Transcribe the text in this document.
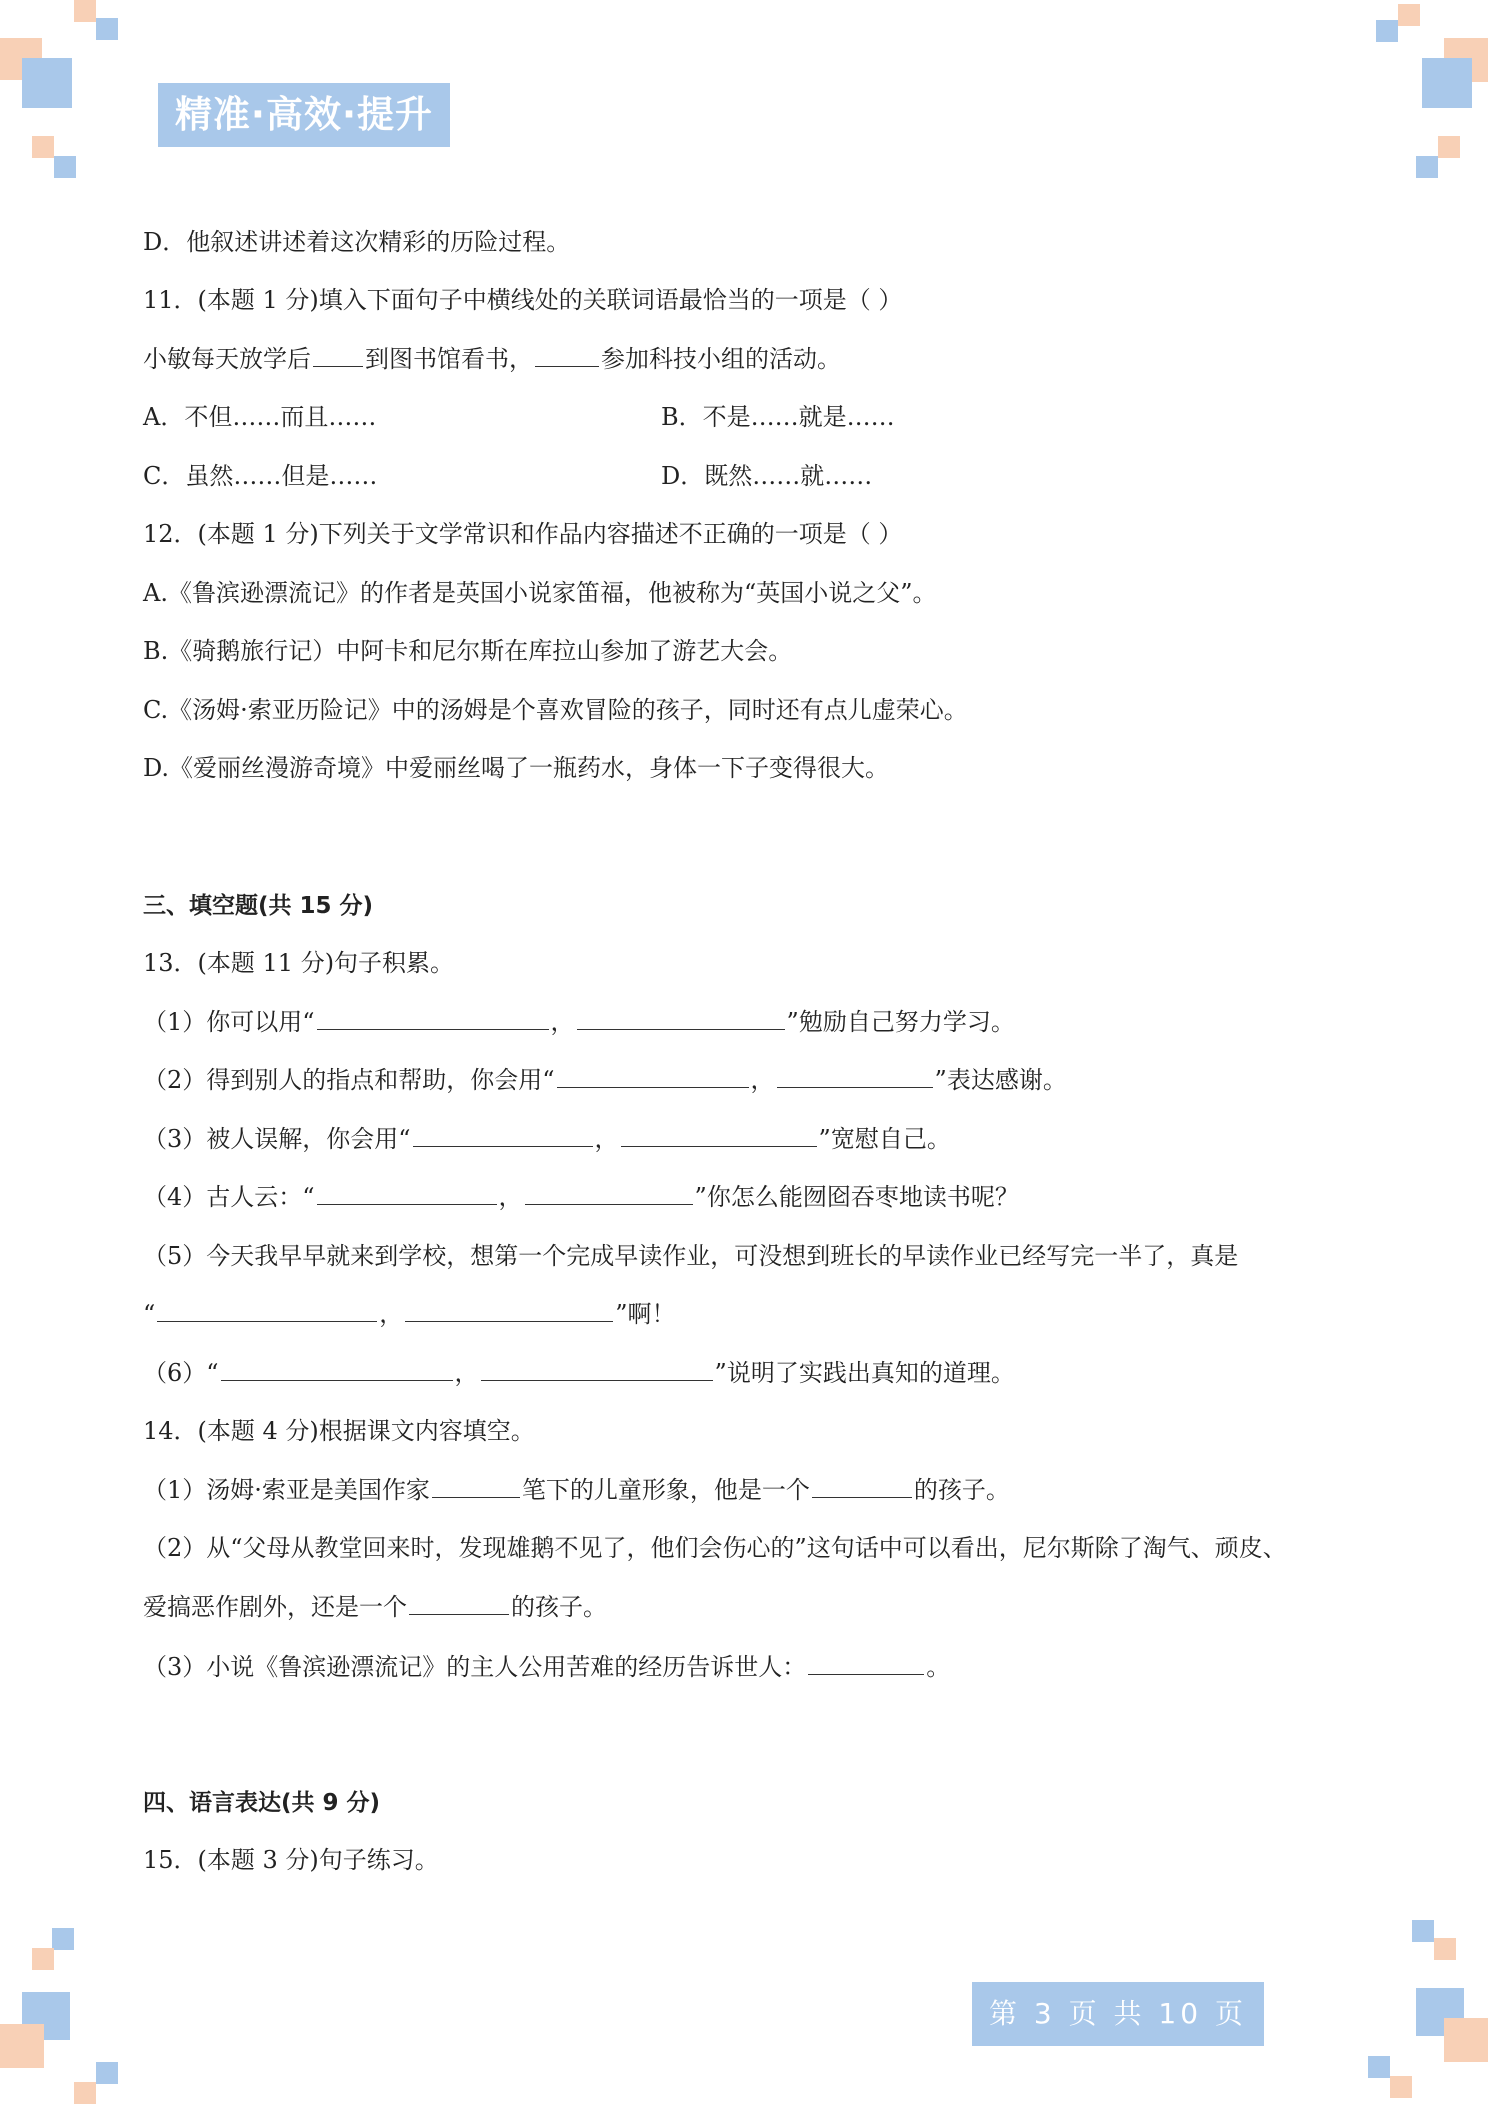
精准·高效·提升
D．他叙述讲述着这次精彩的历险过程。
11．(本题 1 分)填入下面句子中横线处的关联词语最恰当的一项是（ ）
小敏每天放学后 到图书馆看书，	参加科技小组的活动。
A．不但……而且……	B．不是……就是……
C．虽然……但是……	D．既然……就……
12．(本题 1 分)下列关于文学常识和作品内容描述不正确的一项是（ ）
A.《鲁滨逊漂流记》的作者是英国小说家笛福，他被称为“英国小说之父”。
B.《骑鹅旅行记）中阿卡和尼尔斯在库拉山参加了游艺大会。
C.《汤姆·索亚历险记》中的汤姆是个喜欢冒险的孩子，同时还有点儿虚荣心。
D.《爱丽丝漫游奇境》中爱丽丝喝了一瓶药水，身体一下子变得很大。
三、填空题(共 15 分)
13．(本题 11 分)句子积累。
（1）你可以用“	，	”勉励自己努力学习。
（2）得到别人的指点和帮助，你会用“	，	”表达感谢。
（3）被人误解，你会用“	，	”宽慰自己。
（4）古人云：“	，	”你怎么能囫囵吞枣地读书呢？
（5）今天我早早就来到学校，想第一个完成早读作业，可没想到班长的早读作业已经写完一半了，真是
“	，	”啊！
（6）“	，	”说明了实践出真知的道理。
14．(本题 4 分)根据课文内容填空。
（1）汤姆·索亚是美国作家	笔下的儿童形象，他是一个	的孩子。
（2）从“父母从教堂回来时，发现雄鹅不见了，他们会伤心的”这句话中可以看出，尼尔斯除了淘气、顽皮、
爱搞恶作剧外，还是一个	的孩子。
（3）小说《鲁滨逊漂流记》的主人公用苦难的经历告诉世人：	。
四、语言表达(共 9 分)
15．(本题 3 分)句子练习。
第 3 页 共 10 页
